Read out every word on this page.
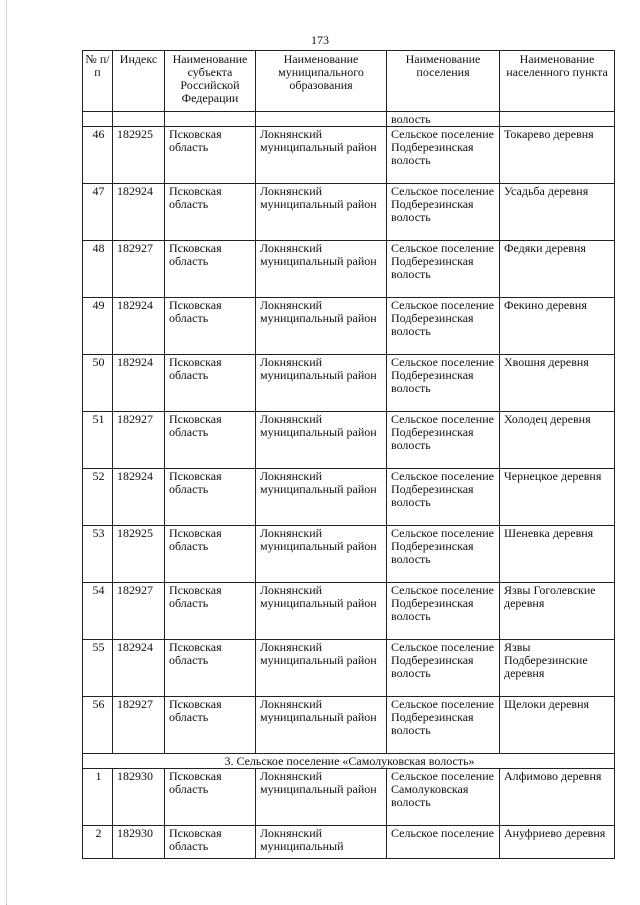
173
№ п/п	Индекс	Наименование субъекта Российской Федерации	Наименование муниципального образования	Наименование поселения	Наименование населенного пункта
				волость	
46	182925	Псковская область	Локнянский муниципальный район	Сельское поселение Подберезинская волость	Токарево деревня
47	182924	Псковская область	Локнянский муниципальный район	Сельское поселение Подберезинская волость	Усадьба деревня
48	182927	Псковская область	Локнянский муниципальный район	Сельское поселение Подберезинская волость	Федяки деревня
49	182924	Псковская область	Локнянский муниципальный район	Сельское поселение Подберезинская волость	Фекино деревня
50	182924	Псковская область	Локнянский муниципальный район	Сельское поселение Подберезинская волость	Хвошня деревня
51	182927	Псковская область	Локнянский муниципальный район	Сельское поселение Подберезинская волость	Холодец деревня
52	182924	Псковская область	Локнянский муниципальный район	Сельское поселение Подберезинская волость	Чернецкое деревня
53	182925	Псковская область	Локнянский муниципальный район	Сельское поселение Подберезинская волость	Шеневка деревня
54	182927	Псковская область	Локнянский муниципальный район	Сельское поселение Подберезинская волость	Язвы Гоголевские деревня
55	182924	Псковская область	Локнянский муниципальный район	Сельское поселение Подберезинская волость	Язвы Подберезинские деревня
56	182927	Псковская область	Локнянский муниципальный район	Сельское поселение Подберезинская волость	Щелоки деревня
3. Сельское поселение «Самолуковская волость»					
1	182930	Псковская область	Локнянский муниципальный район	Сельское поселение Самолуковская волость	Алфимово деревня
2	182930	Псковская область	Локнянский муниципальный	Сельское поселение	Ануфриево деревня
